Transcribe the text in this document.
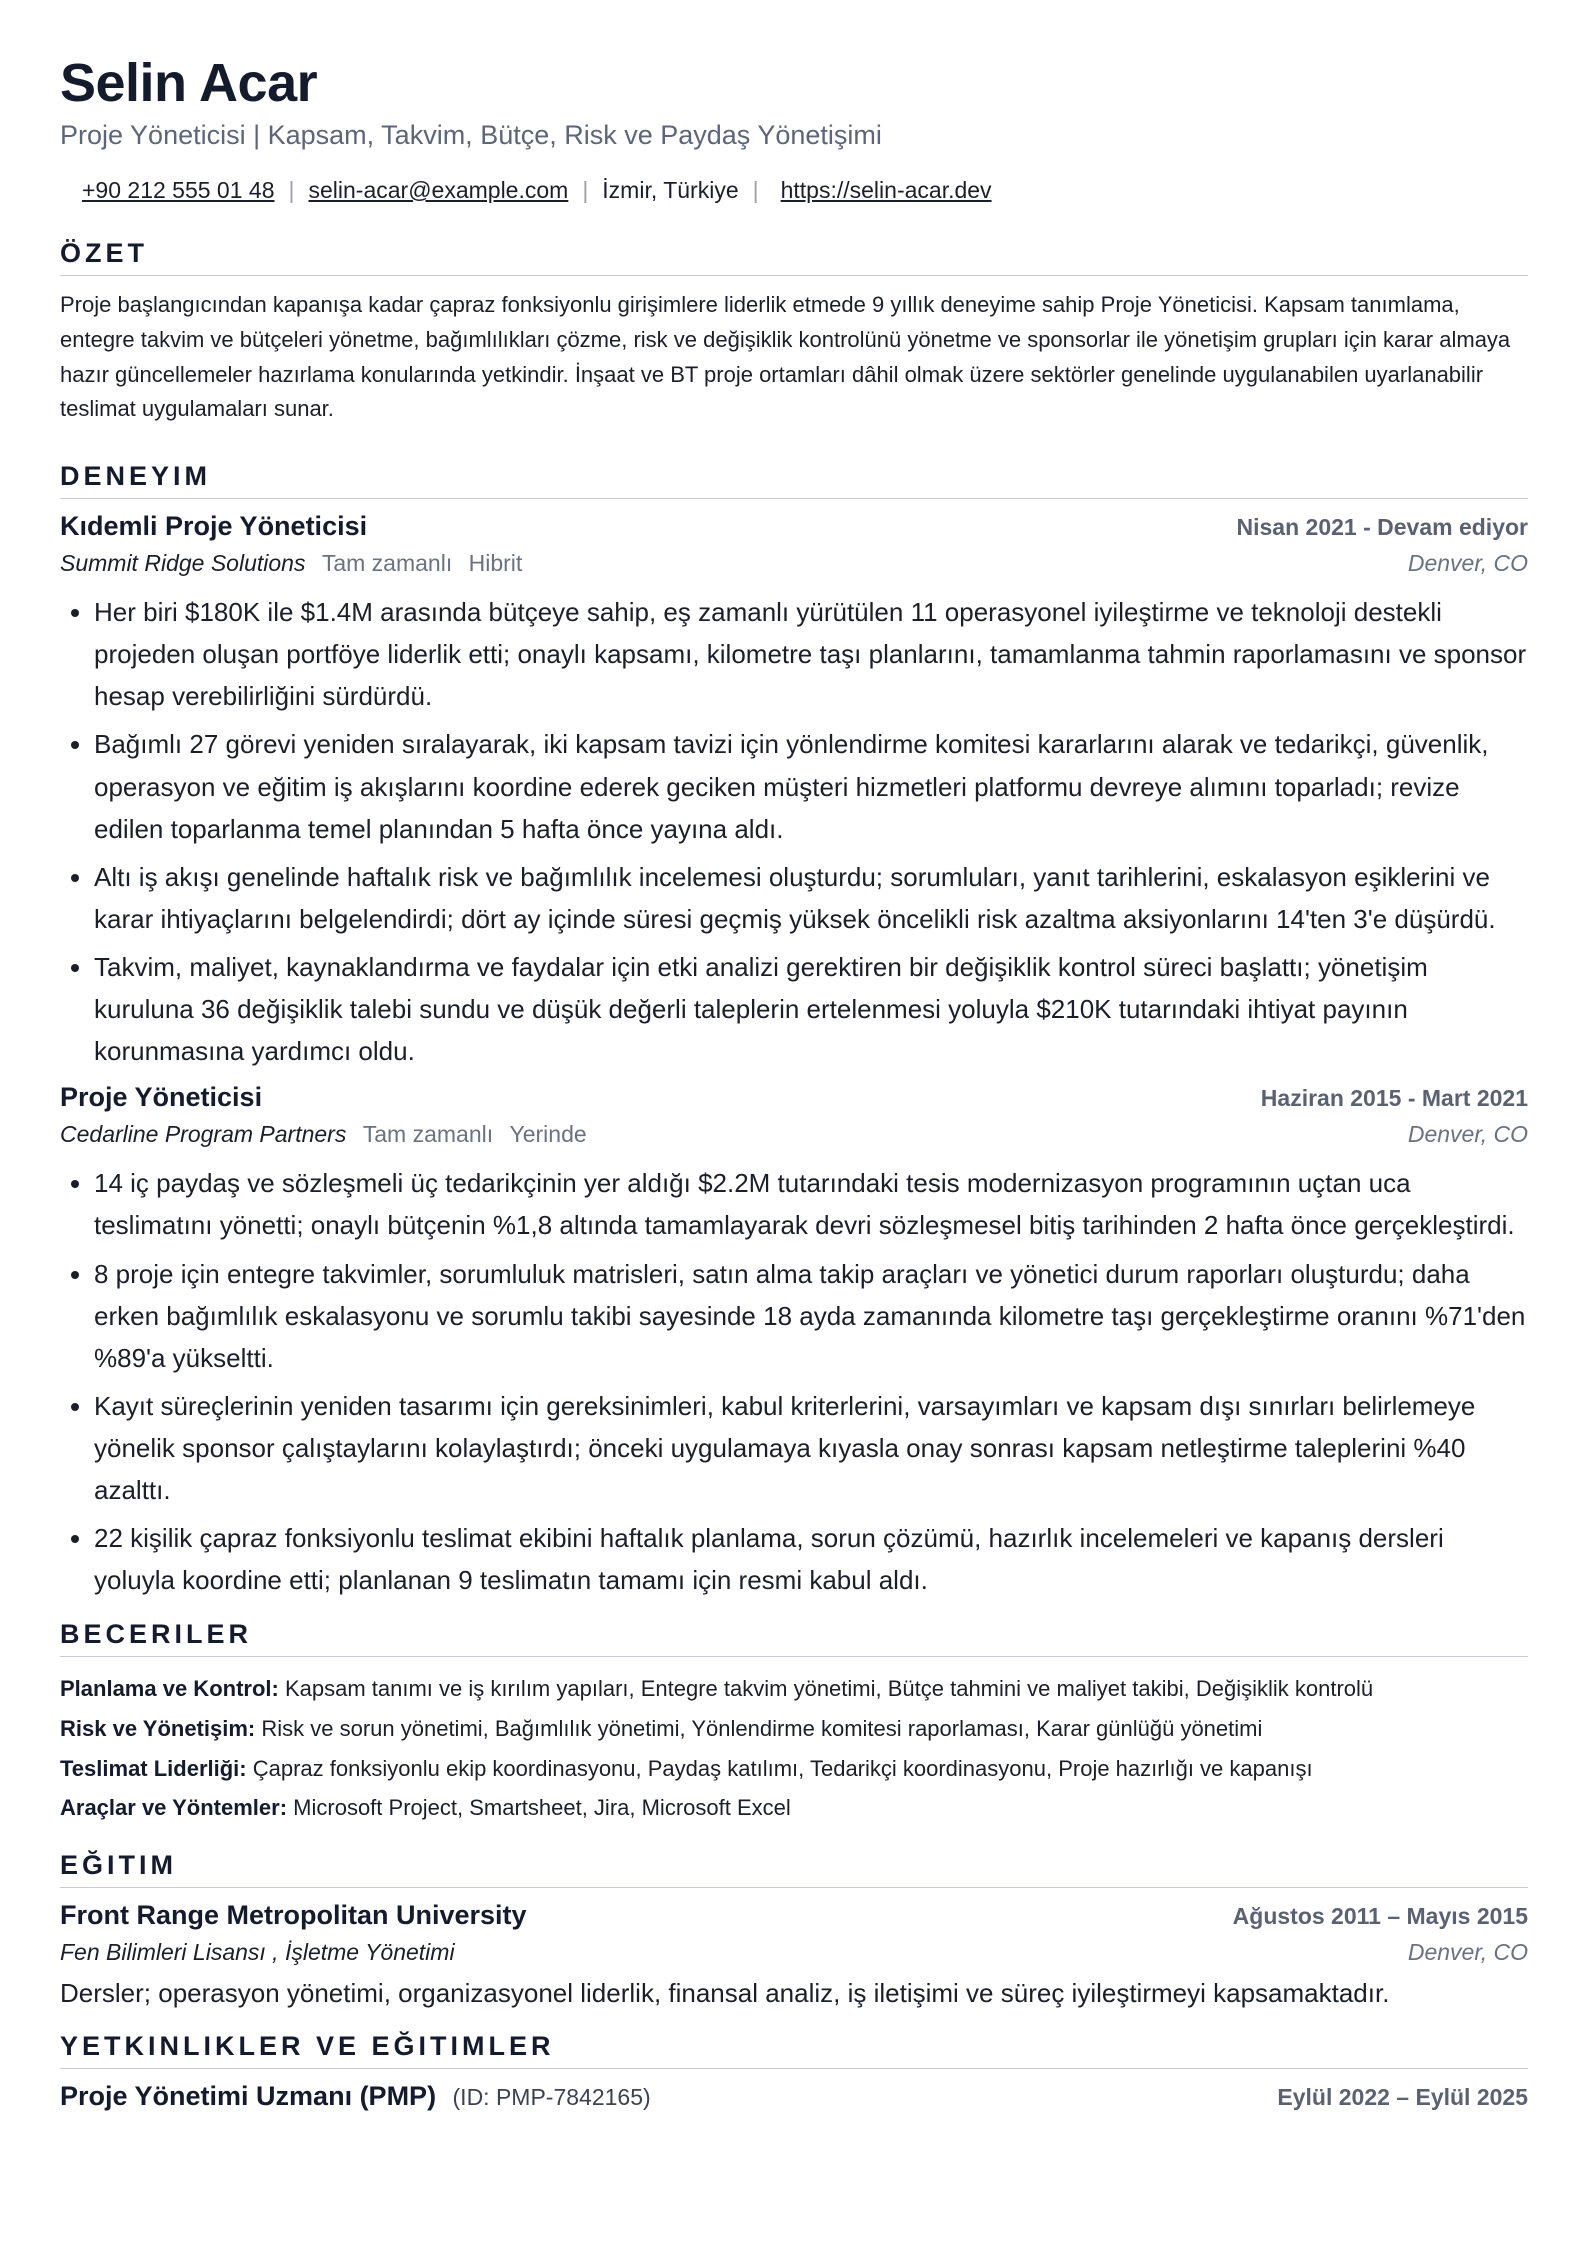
Selin Acar
Proje Yöneticisi | Kapsam, Takvim, Bütçe, Risk ve Paydaş Yönetişimi
+90 212 555 01 48 | selin-acar@example.com | İzmir, Türkiye | https://selin-acar.dev
ÖZET
Proje başlangıcından kapanışa kadar çapraz fonksiyonlu girişimlere liderlik etmede 9 yıllık deneyime sahip Proje Yöneticisi. Kapsam tanımlama, entegre takvim ve bütçeleri yönetme, bağımlılıkları çözme, risk ve değişiklik kontrolünü yönetme ve sponsorlar ile yönetişim grupları için karar almaya hazır güncellemeler hazırlama konularında yetkindir. İnşaat ve BT proje ortamları dâhil olmak üzere sektörler genelinde uygulanabilen uyarlanabilir teslimat uygulamaları sunar.
DENEYIM
Kıdemli Proje Yöneticisi	Nisan 2021 - Devam ediyor
Summit Ridge Solutions Tam zamanlı Hibrit	Denver, CO
• Her biri $180K ile $1.4M arasında bütçeye sahip, eş zamanlı yürütülen 11 operasyonel iyileştirme ve teknoloji destekli projeden oluşan portföye liderlik etti; onaylı kapsamı, kilometre taşı planlarını, tamamlanma tahmin raporlamasını ve sponsor hesap verebilirliğini sürdürdü.
• Bağımlı 27 görevi yeniden sıralayarak, iki kapsam tavizi için yönlendirme komitesi kararlarını alarak ve tedarikçi, güvenlik, operasyon ve eğitim iş akışlarını koordine ederek geciken müşteri hizmetleri platformu devreye alımını toparladı; revize edilen toparlanma temel planından 5 hafta önce yayına aldı.
• Altı iş akışı genelinde haftalık risk ve bağımlılık incelemesi oluşturdu; sorumluları, yanıt tarihlerini, eskalasyon eşiklerini ve karar ihtiyaçlarını belgelendirdi; dört ay içinde süresi geçmiş yüksek öncelikli risk azaltma aksiyonlarını 14'ten 3'e düşürdü.
• Takvim, maliyet, kaynaklandırma ve faydalar için etki analizi gerektiren bir değişiklik kontrol süreci başlattı; yönetişim kuruluna 36 değişiklik talebi sundu ve düşük değerli taleplerin ertelenmesi yoluyla $210K tutarındaki ihtiyat payının korunmasına yardımcı oldu.
Proje Yöneticisi	Haziran 2015 - Mart 2021
Cedarline Program Partners Tam zamanlı Yerinde	Denver, CO
• 14 iç paydaş ve sözleşmeli üç tedarikçinin yer aldığı $2.2M tutarındaki tesis modernizasyon programının uçtan uca teslimatını yönetti; onaylı bütçenin %1,8 altında tamamlayarak devri sözleşmesel bitiş tarihinden 2 hafta önce gerçekleştirdi.
• 8 proje için entegre takvimler, sorumluluk matrisleri, satın alma takip araçları ve yönetici durum raporları oluşturdu; daha erken bağımlılık eskalasyonu ve sorumlu takibi sayesinde 18 ayda zamanında kilometre taşı gerçekleştirme oranını %71'den %89'a yükseltti.
• Kayıt süreçlerinin yeniden tasarımı için gereksinimleri, kabul kriterlerini, varsayımları ve kapsam dışı sınırları belirlemeye yönelik sponsor çalıştaylarını kolaylaştırdı; önceki uygulamaya kıyasla onay sonrası kapsam netleştirme taleplerini %40 azalttı.
• 22 kişilik çapraz fonksiyonlu teslimat ekibini haftalık planlama, sorun çözümü, hazırlık incelemeleri ve kapanış dersleri yoluyla koordine etti; planlanan 9 teslimatın tamamı için resmi kabul aldı.
BECERILER
Planlama ve Kontrol: Kapsam tanımı ve iş kırılım yapıları, Entegre takvim yönetimi, Bütçe tahmini ve maliyet takibi, Değişiklik kontrolü
Risk ve Yönetişim: Risk ve sorun yönetimi, Bağımlılık yönetimi, Yönlendirme komitesi raporlaması, Karar günlüğü yönetimi
Teslimat Liderliği: Çapraz fonksiyonlu ekip koordinasyonu, Paydaş katılımı, Tedarikçi koordinasyonu, Proje hazırlığı ve kapanışı
Araçlar ve Yöntemler: Microsoft Project, Smartsheet, Jira, Microsoft Excel
EĞITIM
Front Range Metropolitan University	Ağustos 2011 – Mayıs 2015
Fen Bilimleri Lisansı , İşletme Yönetimi	Denver, CO
Dersler; operasyon yönetimi, organizasyonel liderlik, finansal analiz, iş iletişimi ve süreç iyileştirmeyi kapsamaktadır.
YETKINLIKLER VE EĞITIMLER
Proje Yönetimi Uzmanı (PMP) (ID: PMP-7842165)	Eylül 2022 – Eylül 2025
